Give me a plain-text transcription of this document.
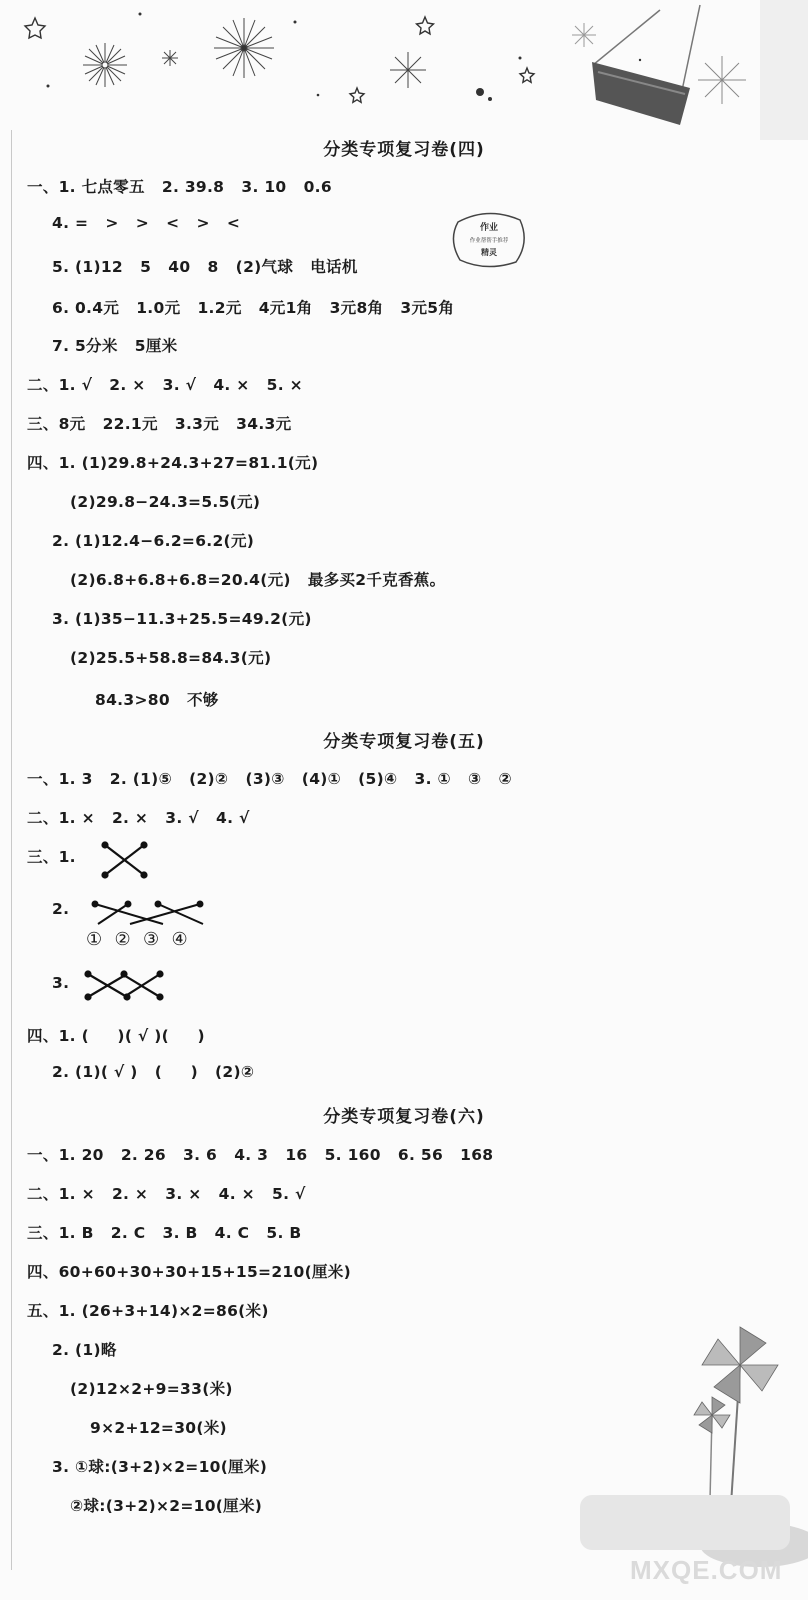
分类专项复习卷(四)
一、1. 七点零五   2. 39.8   3. 10   0.6
4. =   >   >   <   >   <
5. (1)12   5   40   8   (2)气球   电话机
6. 0.4元   1.0元   1.2元   4元1角   3元8角   3元5角
7. 5分米   5厘米
二、1. √   2. ×   3. √   4. ×   5. ×
三、8元   22.1元   3.3元   34.3元
四、1. (1)29.8+24.3+27=81.1(元)
(2)29.8−24.3=5.5(元)
2. (1)12.4−6.2=6.2(元)
(2)6.8+6.8+6.8=20.4(元)   最多买2千克香蕉。
3. (1)35−11.3+25.5=49.2(元)
(2)25.5+58.8=84.3(元)
84.3>80   不够
作业
作业帮帮手推荐
精灵
分类专项复习卷(五)
一、1. 3   2. (1)⑤   (2)②   (3)③   (4)①   (5)④   3. ①   ③   ②
二、1. ×   2. ×   3. √   4. √
三、1.
2.
①  ②  ③  ④
3.
四、1. (     )( √ )(     )
2. (1)( √ )   (     )   (2)②
分类专项复习卷(六)
一、1. 20   2. 26   3. 6   4. 3   16   5. 160   6. 56   168
二、1. ×   2. ×   3. ×   4. ×   5. √
三、1. B   2. C   3. B   4. C   5. B
四、60+60+30+30+15+15=210(厘米)
五、1. (26+3+14)×2=86(米)
2. (1)略
(2)12×2+9=33(米)
9×2+12=30(米)
3. ①球:(3+2)×2=10(厘米)
②球:(3+2)×2=10(厘米)
MXQE.COM
